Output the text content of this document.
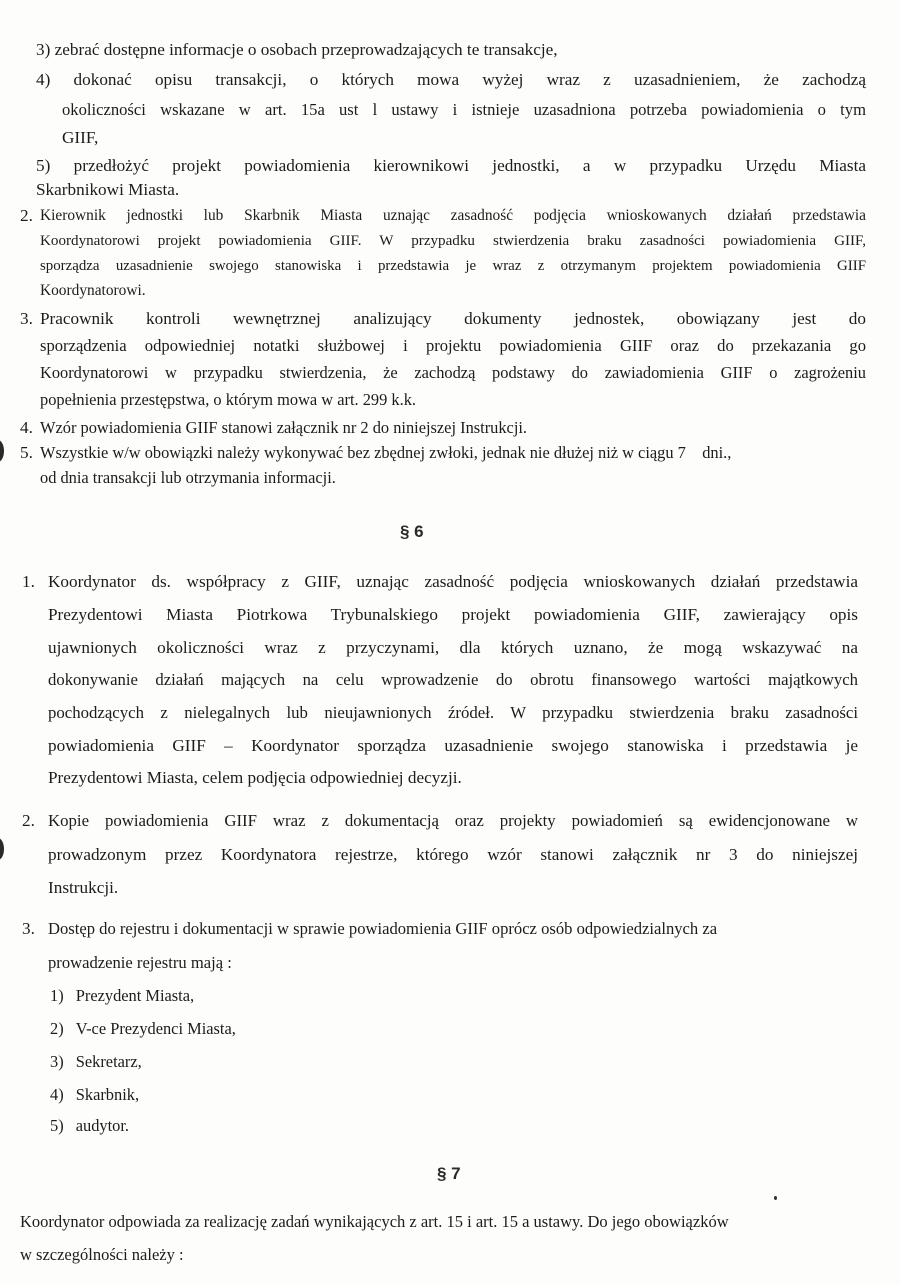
3) zebrać dostępne informacje o osobach przeprowadzających te transakcje,
4) dokonać opisu transakcji, o których mowa wyżej wraz z uzasadnieniem, że zachodzą
okoliczności wskazane w art. 15a ust l ustawy i istnieje uzasadniona potrzeba powiadomienia o tym
GIIF,
5) przedłożyć projekt powiadomienia kierownikowi jednostki, a w przypadku Urzędu Miasta
Skarbnikowi Miasta.
2. Kierownik jednostki lub Skarbnik Miasta uznając zasadność podjęcia wnioskowanych działań przedstawia
Koordynatorowi projekt powiadomienia GIIF. W przypadku stwierdzenia braku zasadności powiadomienia GIIF,
sporządza uzasadnienie swojego stanowiska i przedstawia je wraz z otrzymanym projektem powiadomienia GIIF
Koordynatorowi.
3. Pracownik kontroli wewnętrznej analizujący dokumenty jednostek, obowiązany jest do
sporządzenia odpowiedniej notatki służbowej i projektu powiadomienia GIIF oraz do przekazania go
Koordynatorowi w przypadku stwierdzenia, że zachodzą podstawy do zawiadomienia GIIF o zagrożeniu
popełnienia przestępstwa, o którym mowa w art. 299 k.k.
4. Wzór powiadomienia GIIF stanowi załącznik nr 2 do niniejszej Instrukcji.
5. Wszystkie w/w obowiązki należy wykonywać bez zbędnej zwłoki, jednak nie dłużej niż w ciągu 7    dni.,
od dnia transakcji lub otrzymania informacji.
§ 6
1. Koordynator ds. współpracy z GIIF, uznając zasadność podjęcia wnioskowanych działań przedstawia
Prezydentowi Miasta Piotrkowa Trybunalskiego projekt powiadomienia GIIF, zawierający opis
ujawnionych okoliczności wraz z przyczynami, dla których uznano, że mogą wskazywać na
dokonywanie działań mających na celu wprowadzenie do obrotu finansowego wartości majątkowych
pochodzących z nielegalnych lub nieujawnionych źródeł. W przypadku stwierdzenia braku zasadności
powiadomienia GIIF – Koordynator sporządza uzasadnienie swojego stanowiska i przedstawia je
Prezydentowi Miasta, celem podjęcia odpowiedniej decyzji.
2. Kopie powiadomienia GIIF wraz z dokumentacją oraz projekty powiadomień są ewidencjonowane w
prowadzonym przez Koordynatora rejestrze, którego wzór stanowi załącznik nr 3 do niniejszej
Instrukcji.
3. Dostęp do rejestru i dokumentacji w sprawie powiadomienia GIIF oprócz osób odpowiedzialnych za
prowadzenie rejestru mają :
1) Prezydent Miasta,
2) V-ce Prezydenci Miasta,
3) Sekretarz,
4) Skarbnik,
5) audytor.
§ 7
Koordynator odpowiada za realizację zadań wynikających z art. 15 i art. 15 a ustawy. Do jego obowiązków
w szczególności należy :
